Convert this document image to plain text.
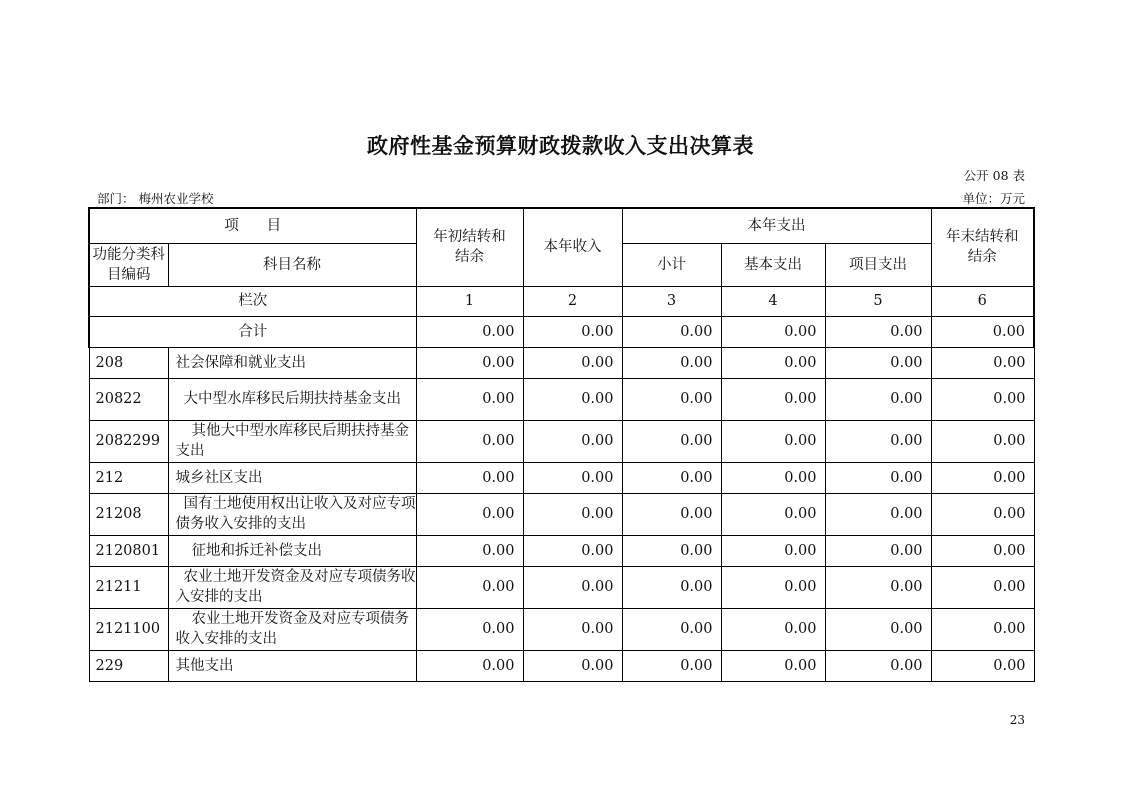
政府性基金预算财政拨款收入支出决算表
公开 08 表
部门： 梅州农业学校	单位：万元
项      目		年初结转和结余	本年收入	本年支出			年末结转和结余
功能分类科目编码	科目名称			小计	基本支出	项目支出	
栏次		1	2	3	4	5	6
合计		0.00	0.00	0.00	0.00	0.00	0.00
208	社会保障和就业支出	0.00	0.00	0.00	0.00	0.00	0.00
20822	大中型水库移民后期扶持基金支出	0.00	0.00	0.00	0.00	0.00	0.00
2082299	其他大中型水库移民后期扶持基金支出	0.00	0.00	0.00	0.00	0.00	0.00
212	城乡社区支出	0.00	0.00	0.00	0.00	0.00	0.00
21208	国有土地使用权出让收入及对应专项债务收入安排的支出	0.00	0.00	0.00	0.00	0.00	0.00
2120801	征地和拆迁补偿支出	0.00	0.00	0.00	0.00	0.00	0.00
21211	农业土地开发资金及对应专项债务收入安排的支出	0.00	0.00	0.00	0.00	0.00	0.00
2121100	农业土地开发资金及对应专项债务收入安排的支出	0.00	0.00	0.00	0.00	0.00	0.00
229	其他支出	0.00	0.00	0.00	0.00	0.00	0.00
23
